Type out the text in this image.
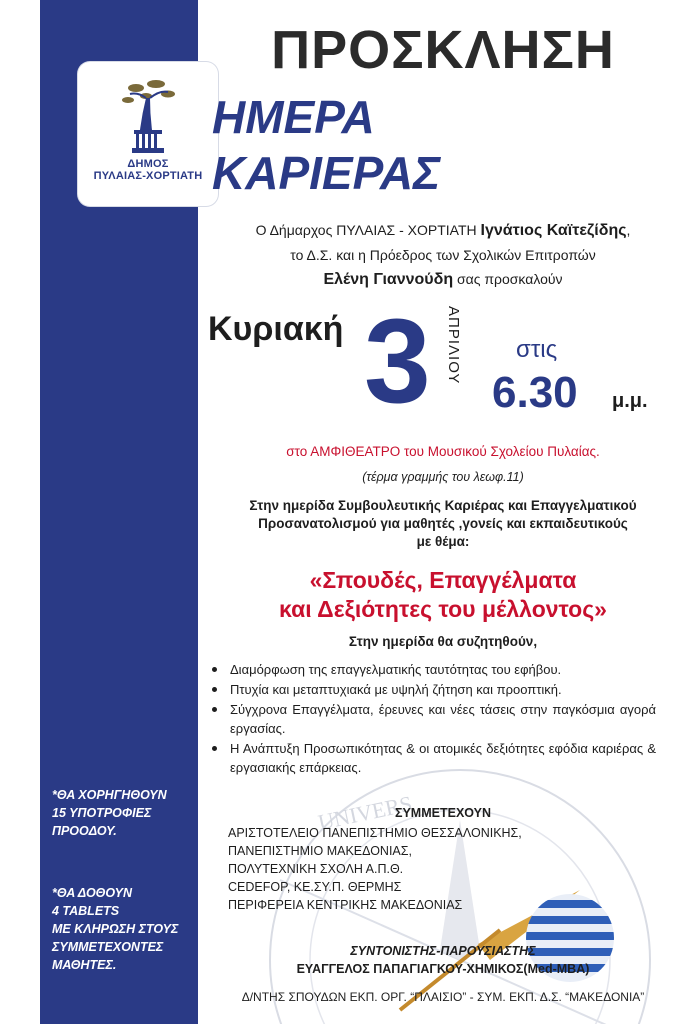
ΔΗΜΟΣ
ΠΥΛΑΙΑΣ-ΧΟΡΤΙΑΤΗ
*ΘΑ ΧΟΡΗΓΗΘΟΥΝ
15 ΥΠΟΤΡΟΦΙΕΣ
ΠΡΟΟΔΟΥ.
*ΘΑ ΔΟΘΟΥΝ
4 TABLETS
ΜΕ ΚΛΗΡΩΣΗ ΣΤΟΥΣ
ΣΥΜΜΕΤΕΧΟΝΤΕΣ
ΜΑΘΗΤΕΣ.
ΠΡΟΣΚΛΗΣΗ
ΗΜΕΡΑ
ΚΑΡΙΕΡΑΣ
Ο Δήμαρχος ΠΥΛΑΙΑΣ - ΧΟΡΤΙΑΤΗ Ιγνάτιος Καϊτεζίδης,
το Δ.Σ. και η Πρόεδρος των Σχολικών Επιτροπών
Ελένη Γιαννούδη σας προσκαλούν
Κυριακή 3 ΑΠΡΙΛΙΟΥ στις
6.30 μ.μ.
στο ΑΜΦΙΘΕΑΤΡΟ του Μουσικού Σχολείου Πυλαίας.
(τέρμα γραμμής του λεωφ.11)
Στην ημερίδα Συμβουλευτικής Καριέρας και Επαγγελματικού
Προσανατολισμού για μαθητές ,γονείς και εκπαιδευτικούς
με θέμα:
«Σπουδές, Επαγγέλματα
και Δεξιότητες του μέλλοντος»
Στην ημερίδα θα συζητηθούν,
UNIVERS
Διαμόρφωση της επαγγελματικής ταυτότητας του εφήβου.
Πτυχία και μεταπτυχιακά με υψηλή ζήτηση και προοπτική.
Σύγχρονα Επαγγέλματα, έρευνες και νέες τάσεις στην παγκόσμια αγορά εργασίας.
Η Ανάπτυξη Προσωπικότητας & οι ατομικές δεξιότητες εφόδια καριέρας & εργασιακής επάρκειας.
ΣΥΜΜΕΤΕΧΟΥΝ
ΑΡΙΣΤΟΤΕΛΕΙΟ ΠΑΝΕΠΙΣΤΗΜΙΟ ΘΕΣΣΑΛΟΝΙΚΗΣ,
ΠΑΝΕΠΙΣΤΗΜΙΟ ΜΑΚΕΔΟΝΙΑΣ,
ΠΟΛΥΤΕΧΝΙΚΗ ΣΧΟΛΗ Α.Π.Θ.
CEDEFOP, ΚΕ.ΣΥ.Π. ΘΕΡΜΗΣ
ΠΕΡΙΦΕΡΕΙΑ ΚΕΝΤΡΙΚΗΣ ΜΑΚΕΔΟΝΙΑΣ
ΣΥΝΤΟΝΙΣΤΗΣ-ΠΑΡΟΥΣΙΑΣΤΗΣ
ΕΥΑΓΓΕΛΟΣ ΠΑΠΑΓΙΑΓΚΟΥ-ΧΗΜΙΚΟΣ(Med-MBA)
Δ/ΝΤΗΣ ΣΠΟΥΔΩΝ ΕΚΠ. ΟΡΓ. “ΠΛΑΙΣΙΟ” - ΣΥΜ. ΕΚΠ. Δ.Σ. “ΜΑΚΕΔΟΝΙΑ”
